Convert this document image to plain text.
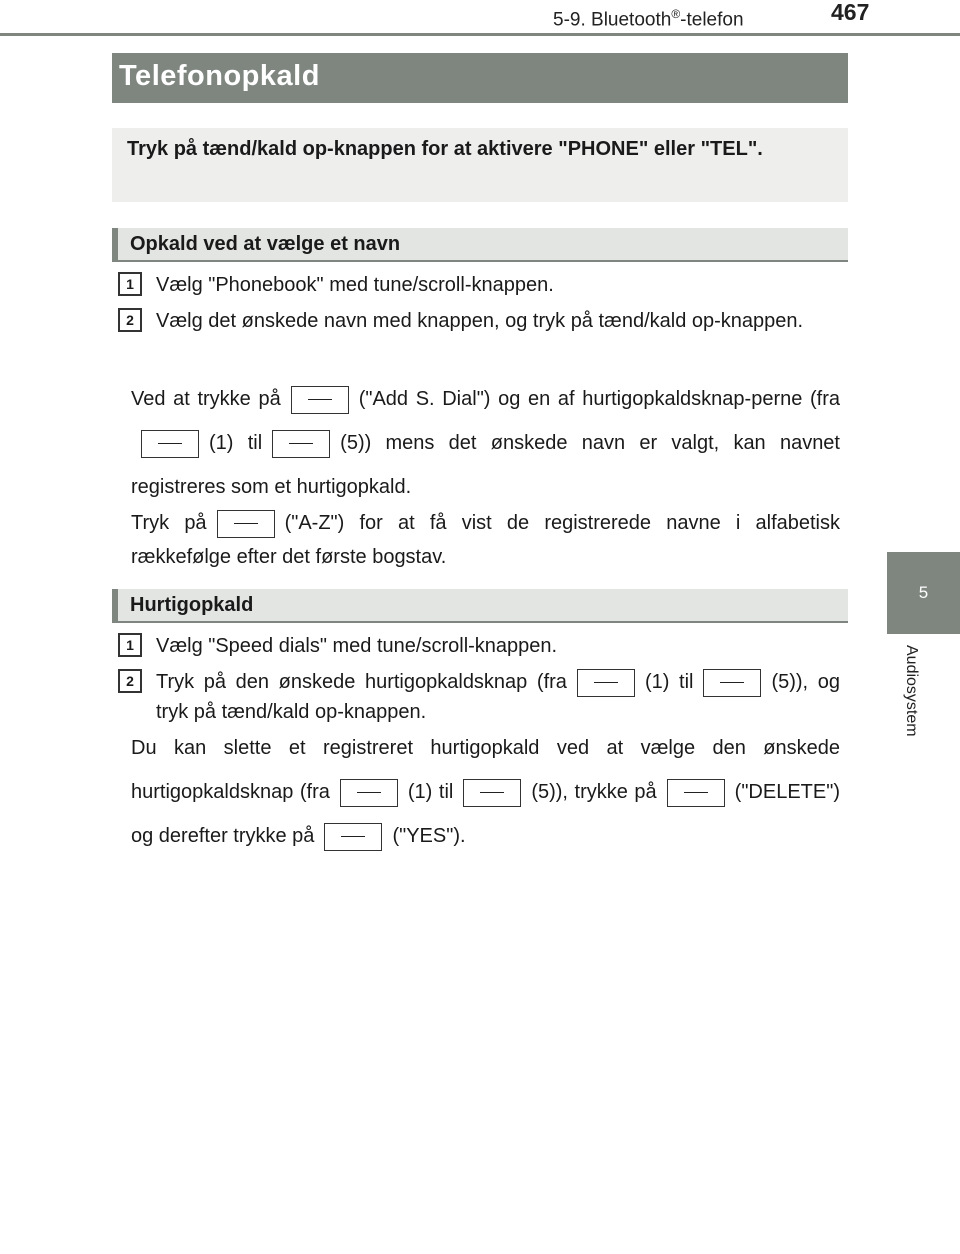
5-9. Bluetooth®-telefon	467
5
Audiosystem
Telefonopkald
Tryk på tænd/kald op-knappen for at aktivere "PHONE" eller "TEL".
Opkald ved at vælge et navn
1	Vælg "Phonebook" med tune/scroll-knappen.
2	Vælg det ønskede navn med knappen, og tryk på tænd/kald op-knappen.
Ved at trykke på	("Add S. Dial") og en af hurtigopkaldsknap-perne (fra(1) til	(5)) mens det ønskede navn er valgt, kan navnet registreres som et hurtigopkald.
Tryk på	("A-Z") for at få vist de registrerede navne i alfabetisk rækkefølge efter det første bogstav.
Hurtigopkald
1	Vælg "Speed dials" med tune/scroll-knappen.
2	Tryk på den ønskede hurtigopkaldsknap (fra	(1) til	(5)), og tryk på tænd/kald op-knappen.
Du kan slette et registreret hurtigopkald ved at vælge den ønskede hurtigopkaldsknap (fra	(1) til	(5)), trykke på	("DELETE") og derefter trykke på	("YES").
